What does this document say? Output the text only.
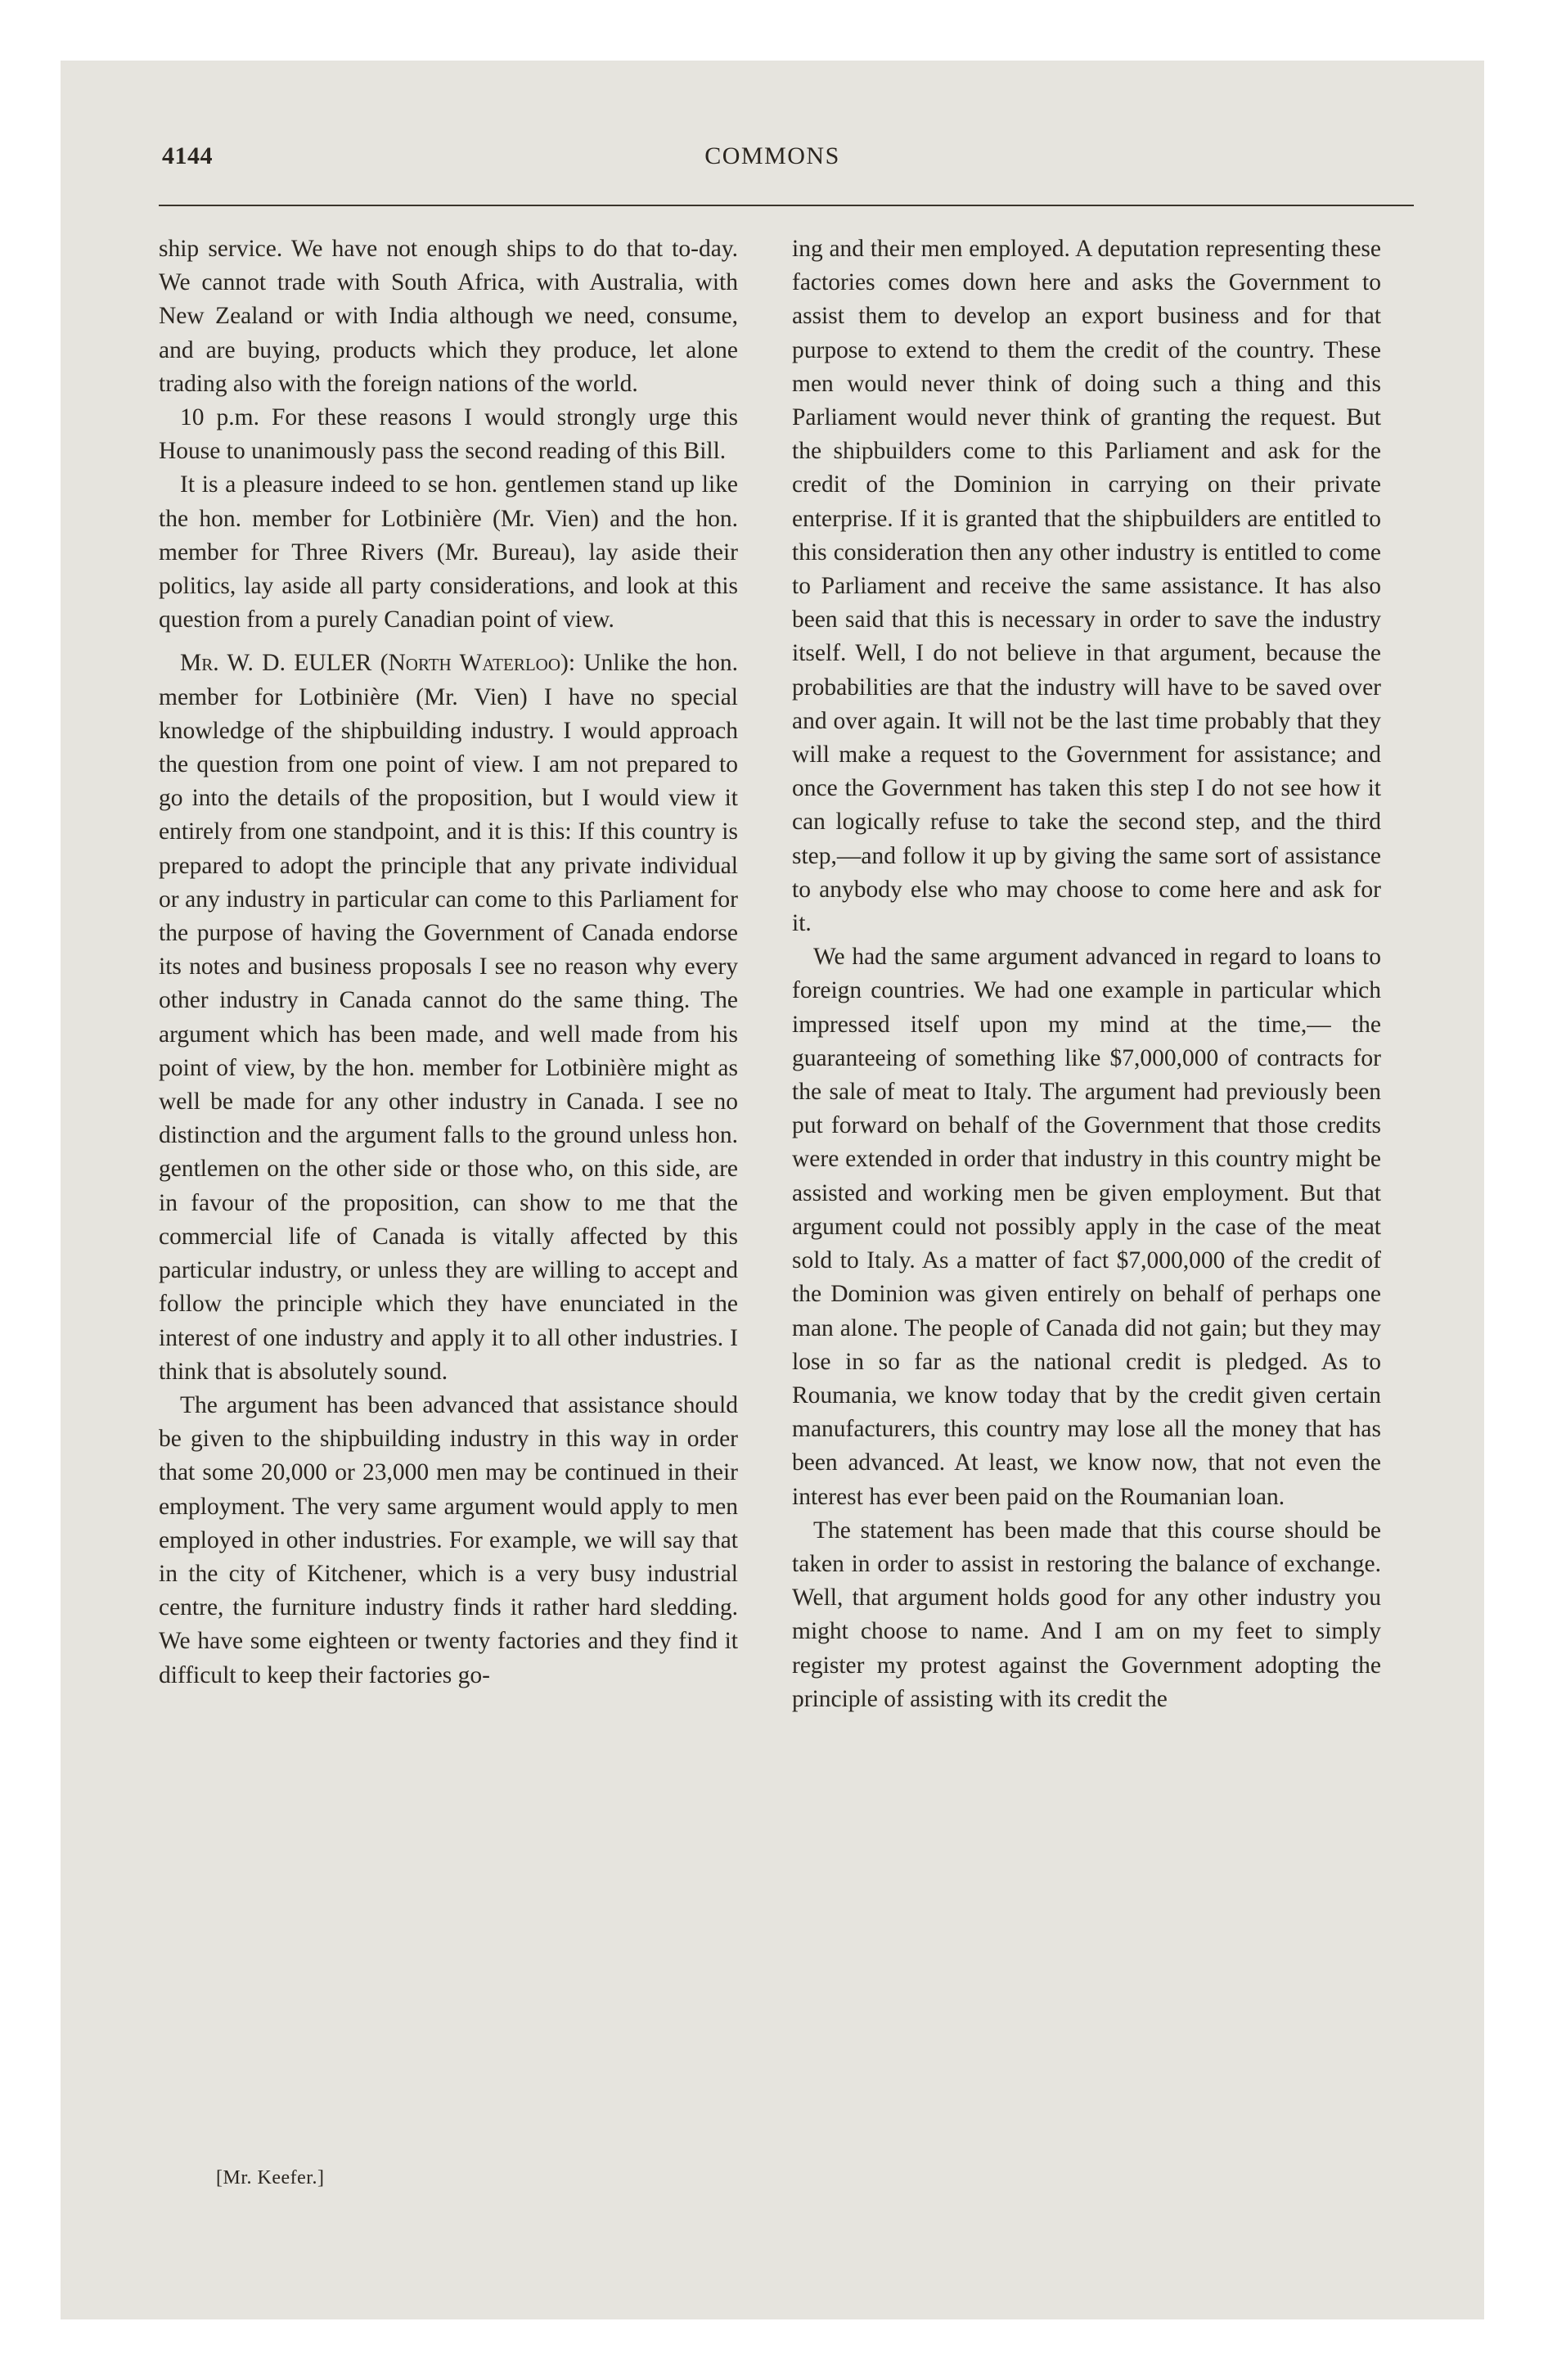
4144	COMMONS

ship service. We have not enough ships to do that to-day. We cannot trade with South Africa, with Australia, with New Zealand or with India although we need, consume, and are buying, products which they produce, let alone trading also with the foreign nations of the world.

10 p.m. For these reasons I would strongly urge this House to unanimously pass the second reading of this Bill.

It is a pleasure indeed to se hon. gentlemen stand up like the hon. member for Lotbinière (Mr. Vien) and the hon. member for Three Rivers (Mr. Bureau), lay aside their politics, lay aside all party considerations, and look at this question from a purely Canadian point of view.

Mr. W. D. EULER (North Waterloo): Unlike the hon. member for Lotbinière (Mr. Vien) I have no special knowledge of the shipbuilding industry. I would approach the question from one point of view. I am not prepared to go into the details of the proposition, but I would view it entirely from one standpoint, and it is this: If this country is prepared to adopt the principle that any private individual or any industry in particular can come to this Parliament for the purpose of having the Government of Canada endorse its notes and business proposals I see no reason why every other industry in Canada cannot do the same thing. The argument which has been made, and well made from his point of view, by the hon. member for Lotbinière might as well be made for any other industry in Canada. I see no distinction and the argument falls to the ground unless hon. gentlemen on the other side or those who, on this side, are in favour of the proposition, can show to me that the commercial life of Canada is vitally affected by this particular industry, or unless they are willing to accept and follow the principle which they have enunciated in the interest of one industry and apply it to all other industries. I think that is absolutely sound.

The argument has been advanced that assistance should be given to the shipbuilding industry in this way in order that some 20,000 or 23,000 men may be continued in their employment. The very same argument would apply to men employed in other industries. For example, we will say that in the city of Kitchener, which is a very busy industrial centre, the furniture industry finds it rather hard sledding. We have some eighteen or twenty factories and they find it difficult to keep their factories go-

ing and their men employed. A deputation representing these factories comes down here and asks the Government to assist them to develop an export business and for that purpose to extend to them the credit of the country. These men would never think of doing such a thing and this Parliament would never think of granting the request. But the shipbuilders come to this Parliament and ask for the credit of the Dominion in carrying on their private enterprise. If it is granted that the shipbuilders are entitled to this consideration then any other industry is entitled to come to Parliament and receive the same assistance. It has also been said that this is necessary in order to save the industry itself. Well, I do not believe in that argument, because the probabilities are that the industry will have to be saved over and over again. It will not be the last time probably that they will make a request to the Government for assistance; and once the Government has taken this step I do not see how it can logically refuse to take the second step, and the third step,—and follow it up by giving the same sort of assistance to anybody else who may choose to come here and ask for it.

We had the same argument advanced in regard to loans to foreign countries. We had one example in particular which impressed itself upon my mind at the time,— the guaranteeing of something like $7,000,000 of contracts for the sale of meat to Italy. The argument had previously been put forward on behalf of the Government that those credits were extended in order that industry in this country might be assisted and working men be given employment. But that argument could not possibly apply in the case of the meat sold to Italy. As a matter of fact $7,000,000 of the credit of the Dominion was given entirely on behalf of perhaps one man alone. The people of Canada did not gain; but they may lose in so far as the national credit is pledged. As to Roumania, we know today that by the credit given certain manufacturers, this country may lose all the money that has been advanced. At least, we know now, that not even the interest has ever been paid on the Roumanian loan.

The statement has been made that this course should be taken in order to assist in restoring the balance of exchange. Well, that argument holds good for any other industry you might choose to name. And I am on my feet to simply register my protest against the Government adopting the principle of assisting with its credit the

[Mr. Keefer.]
